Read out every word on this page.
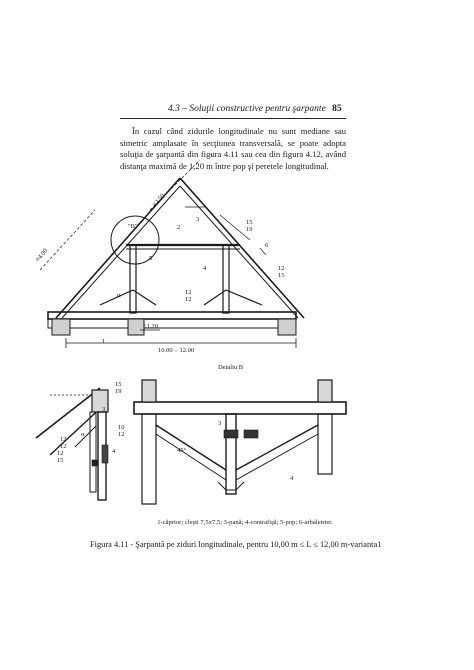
4.3 – Soluţii constructive pentru şarpante 85
În cazul când zidurile longitudinale nu sunt mediane sau simetric amplasate în secţiunea transversală, se poate adopta soluţia de şarpantă din figura 4.11 sau cea din figura 4.12, având distanţa maximă de 1,20 m între pop şi peretele longitudinal.
≈2.50
≈4.00
"B"
3
2
5
4
6
α
15 19
12 15
12 12
≤1.20
1
10.00 ÷ 12.00
Detaliu B
15 19
10 12
12 12
12 15
α
3
4
3
4
45°
1-căprior; cleşti 7,5x7,5; 3-pană; 4-contrafişă; 5-pop; 6-arbaletrier.
Figura 4.11 - Şarpantă pe ziduri longitudinale, pentru 10,00 m ≤ L ≤ 12,00 m-varianta1
